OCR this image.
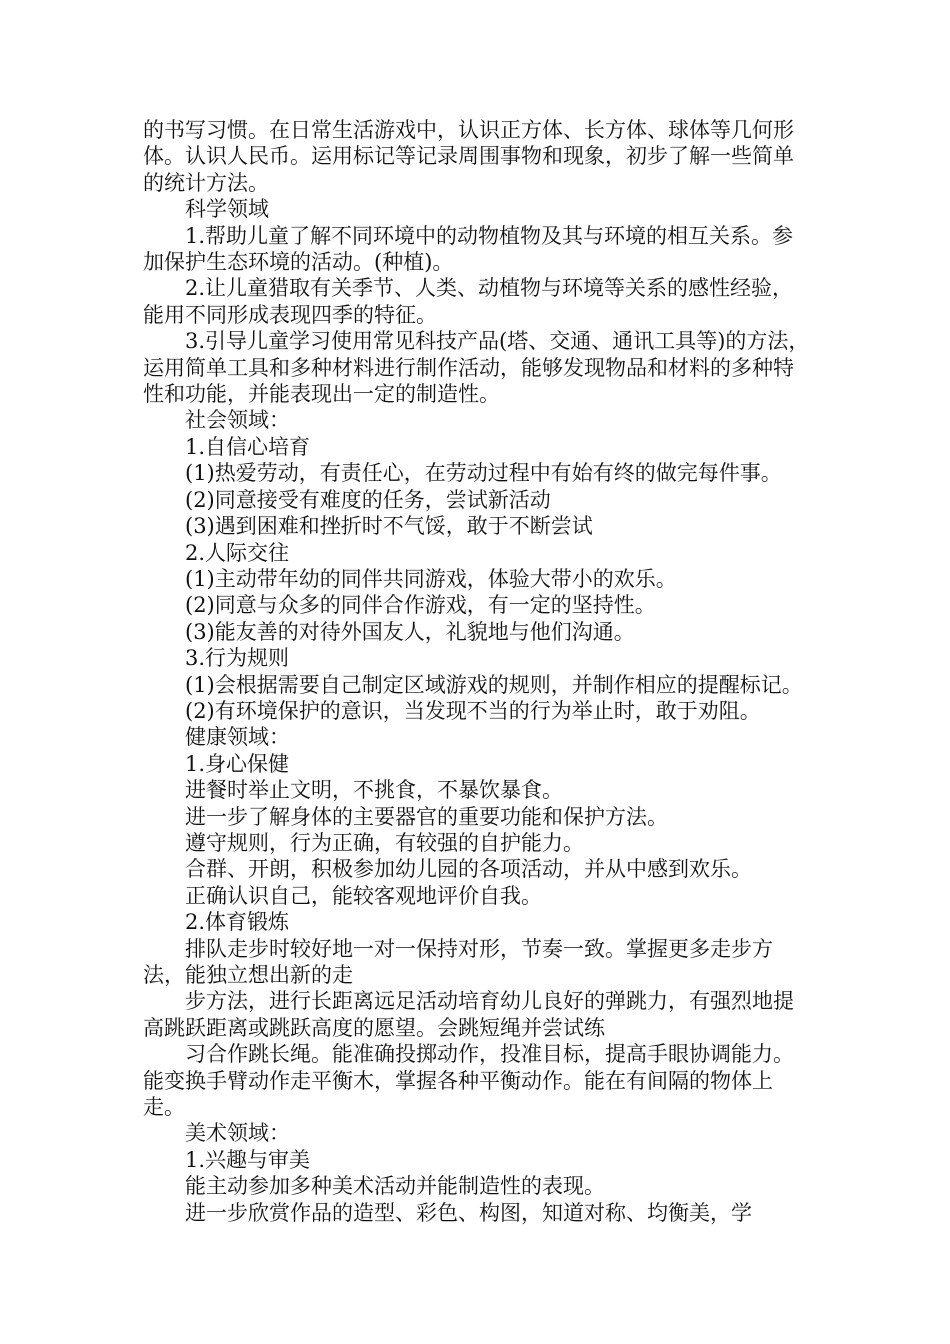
的书写习惯。在日常生活游戏中，认识正方体、长方体、球体等几何形体。认识人民币。运用标记等记录周围事物和现象，初步了解一些简单的统计方法。

科学领域

1.帮助儿童了解不同环境中的动物植物及其与环境的相互关系。参加保护生态环境的活动。(种植)。

2.让儿童猎取有关季节、人类、动植物与环境等关系的感性经验，能用不同形成表现四季的特征。

3.引导儿童学习使用常见科技产品(塔、交通、通讯工具等)的方法，运用简单工具和多种材料进行制作活动，能够发现物品和材料的多种特性和功能，并能表现出一定的制造性。

社会领域：

1.自信心培育

(1)热爱劳动，有责任心，在劳动过程中有始有终的做完每件事。

(2)同意接受有难度的任务，尝试新活动

(3)遇到困难和挫折时不气馁，敢于不断尝试

2.人际交往

(1)主动带年幼的同伴共同游戏，体验大带小的欢乐。

(2)同意与众多的同伴合作游戏，有一定的坚持性。

(3)能友善的对待外国友人，礼貌地与他们沟通。

3.行为规则

(1)会根据需要自己制定区域游戏的规则，并制作相应的提醒标记。

(2)有环境保护的意识，当发现不当的行为举止时，敢于劝阻。

健康领域：

1.身心保健

进餐时举止文明，不挑食，不暴饮暴食。

进一步了解身体的主要器官的重要功能和保护方法。

遵守规则，行为正确，有较强的自护能力。

合群、开朗，积极参加幼儿园的各项活动，并从中感到欢乐。

正确认识自己，能较客观地评价自我。

2.体育锻炼

排队走步时较好地一对一保持对形，节奏一致。掌握更多走步方法，能独立想出新的走

步方法，进行长距离远足活动培育幼儿良好的弹跳力，有强烈地提高跳跃距离或跳跃高度的愿望。会跳短绳并尝试练

习合作跳长绳。能准确投掷动作，投准目标，提高手眼协调能力。能变换手臂动作走平衡木，掌握各种平衡动作。能在有间隔的物体上走。

美术领域：

1.兴趣与审美

能主动参加多种美术活动并能制造性的表现。

进一步欣赏作品的造型、彩色、构图，知道对称、均衡美，学
